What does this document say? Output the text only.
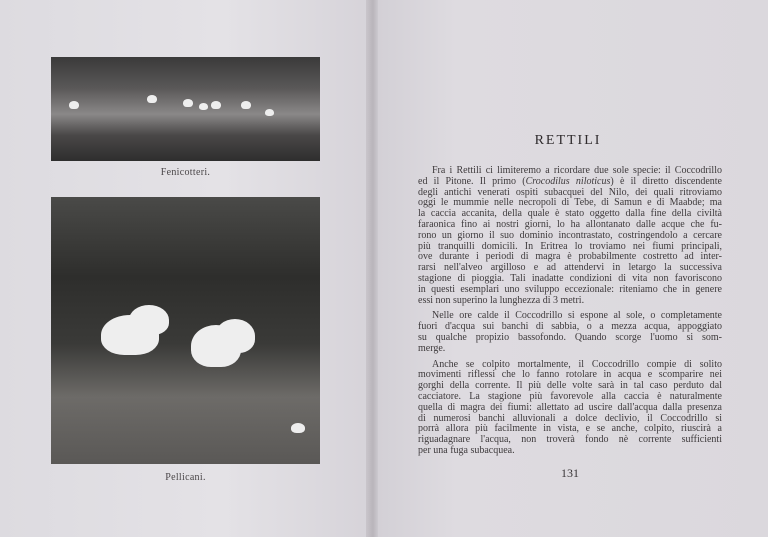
Fenicotteri.
Pellicani.
RETTILI
Fra i Rettili ci limiteremo a ricordare due sole specie: il Coccodrillo
ed il Pitone. Il primo (Crocodilus niloticus) è il diretto discendente
degli antichi venerati ospiti subacquei del Nilo, dei quali ritroviamo
oggi le mummie nelle necropoli di Tebe, di Samun e di Maabde; ma
la caccia accanita, della quale è stato oggetto dalla fine della civiltà
faraonica fino ai nostri giorni, lo ha allontanato dalle acque che fu-
rono un giorno il suo dominio incontrastato, costringendolo a cercare
più tranquilli domicili. In Eritrea lo troviamo nei fiumi principali,
ove durante i periodi di magra è probabilmente costretto ad inter-
rarsi nell'alveo argilloso e ad attendervi in letargo la successiva
stagione di pioggia. Tali inadatte condizioni di vita non favoriscono
in questi esemplari uno sviluppo eccezionale: riteniamo che in genere
essi non superino la lunghezza di 3 metri.
Nelle ore calde il Coccodrillo si espone al sole, o completamente
fuori d'acqua sui banchi di sabbia, o a mezza acqua, appoggiato
su qualche propizio bassofondo. Quando scorge l'uomo si som-
merge.
Anche se colpito mortalmente, il Coccodrillo compie di solito
movimenti riflessi che lo fanno rotolare in acqua e scomparire nei
gorghi della corrente. Il più delle volte sarà in tal caso perduto dal
cacciatore. La stagione più favorevole alla caccia è naturalmente
quella di magra dei fiumi: allettato ad uscire dall'acqua dalla presenza
di numerosi banchi alluvionali a dolce declivio, il Coccodrillo si
porrà allora più facilmente in vista, e se anche, colpito, riuscirà a
riguadagnare l'acqua, non troverà fondo nè corrente sufficienti
per una fuga subacquea.
131
